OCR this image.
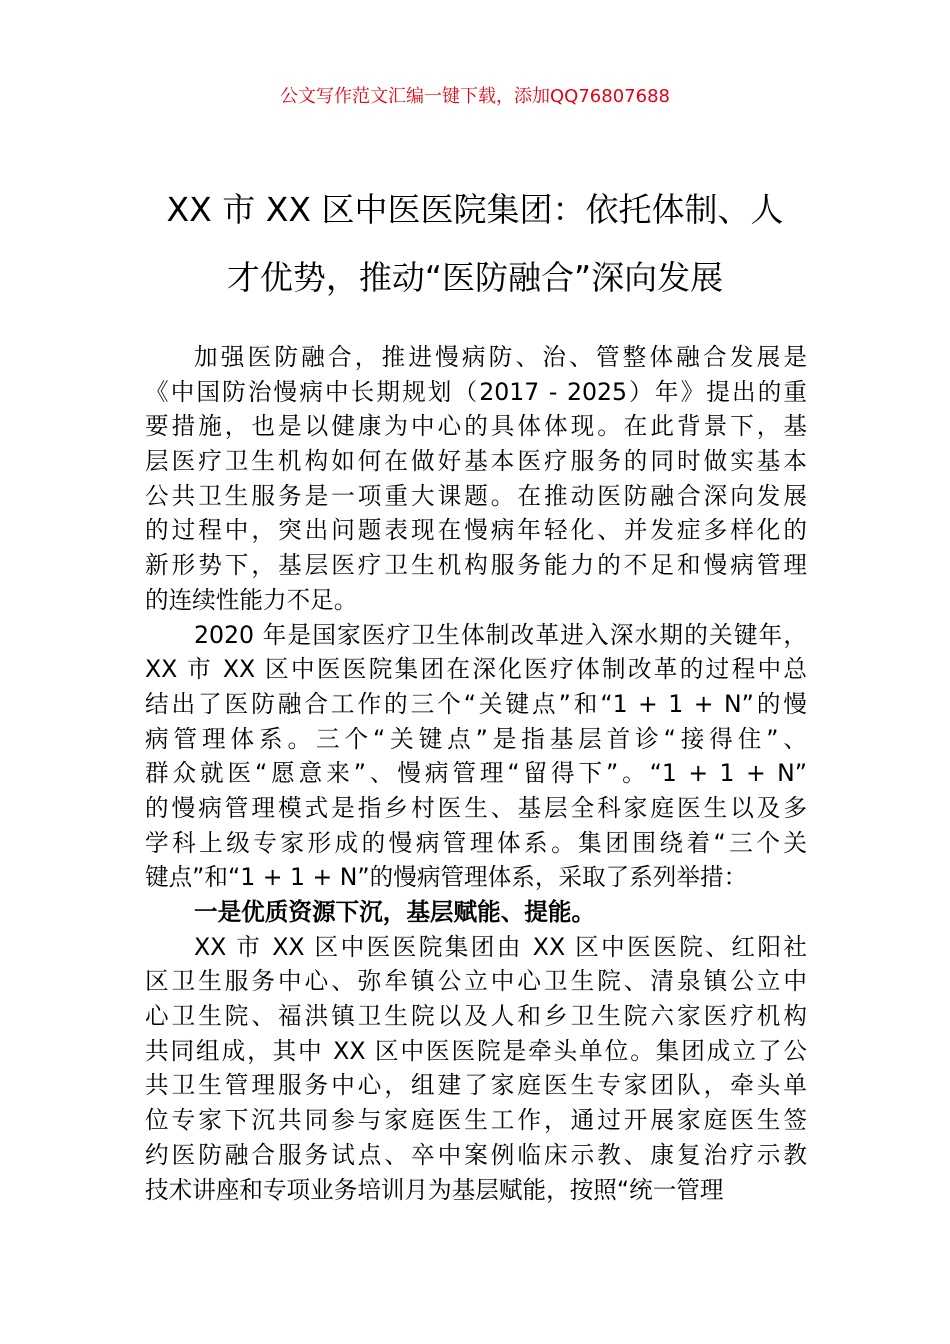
公文写作范文汇编一键下载，添加QQ76807688
XX 市 XX 区中医医院集团：依托体制、人
才优势，推动“医防融合”深向发展
加强医防融合，推进慢病防、治、管整体融合发展是
《中国防治慢病中长期规划（2017 - 2025）年》提出的重
要措施，也是以健康为中心的具体体现。在此背景下，基
层医疗卫生机构如何在做好基本医疗服务的同时做实基本
公共卫生服务是一项重大课题。在推动医防融合深向发展
的过程中，突出问题表现在慢病年轻化、并发症多样化的
新形势下，基层医疗卫生机构服务能力的不足和慢病管理
的连续性能力不足。
2020 年是国家医疗卫生体制改革进入深水期的关键年，
XX 市 XX 区中医医院集团在深化医疗体制改革的过程中总
结出了医防融合工作的三个“关键点”和“1 + 1 + N”的慢
病管理体系。三个“关键点”是指基层首诊“接得住”、
群众就医“愿意来”、慢病管理“留得下”。“1 + 1 + N”
的慢病管理模式是指乡村医生、基层全科家庭医生以及多
学科上级专家形成的慢病管理体系。集团围绕着“三个关
键点”和“1 + 1 + N”的慢病管理体系，采取了系列举措：
一是优质资源下沉，基层赋能、提能。
XX 市 XX 区中医医院集团由 XX 区中医医院、红阳社
区卫生服务中心、弥牟镇公立中心卫生院、清泉镇公立中
心卫生院、福洪镇卫生院以及人和乡卫生院六家医疗机构
共同组成，其中 XX 区中医医院是牵头单位。集团成立了公
共卫生管理服务中心，组建了家庭医生专家团队，牵头单
位专家下沉共同参与家庭医生工作，通过开展家庭医生签
约医防融合服务试点、卒中案例临床示教、康复治疗示教
技术讲座和专项业务培训月为基层赋能，按照“统一管理
